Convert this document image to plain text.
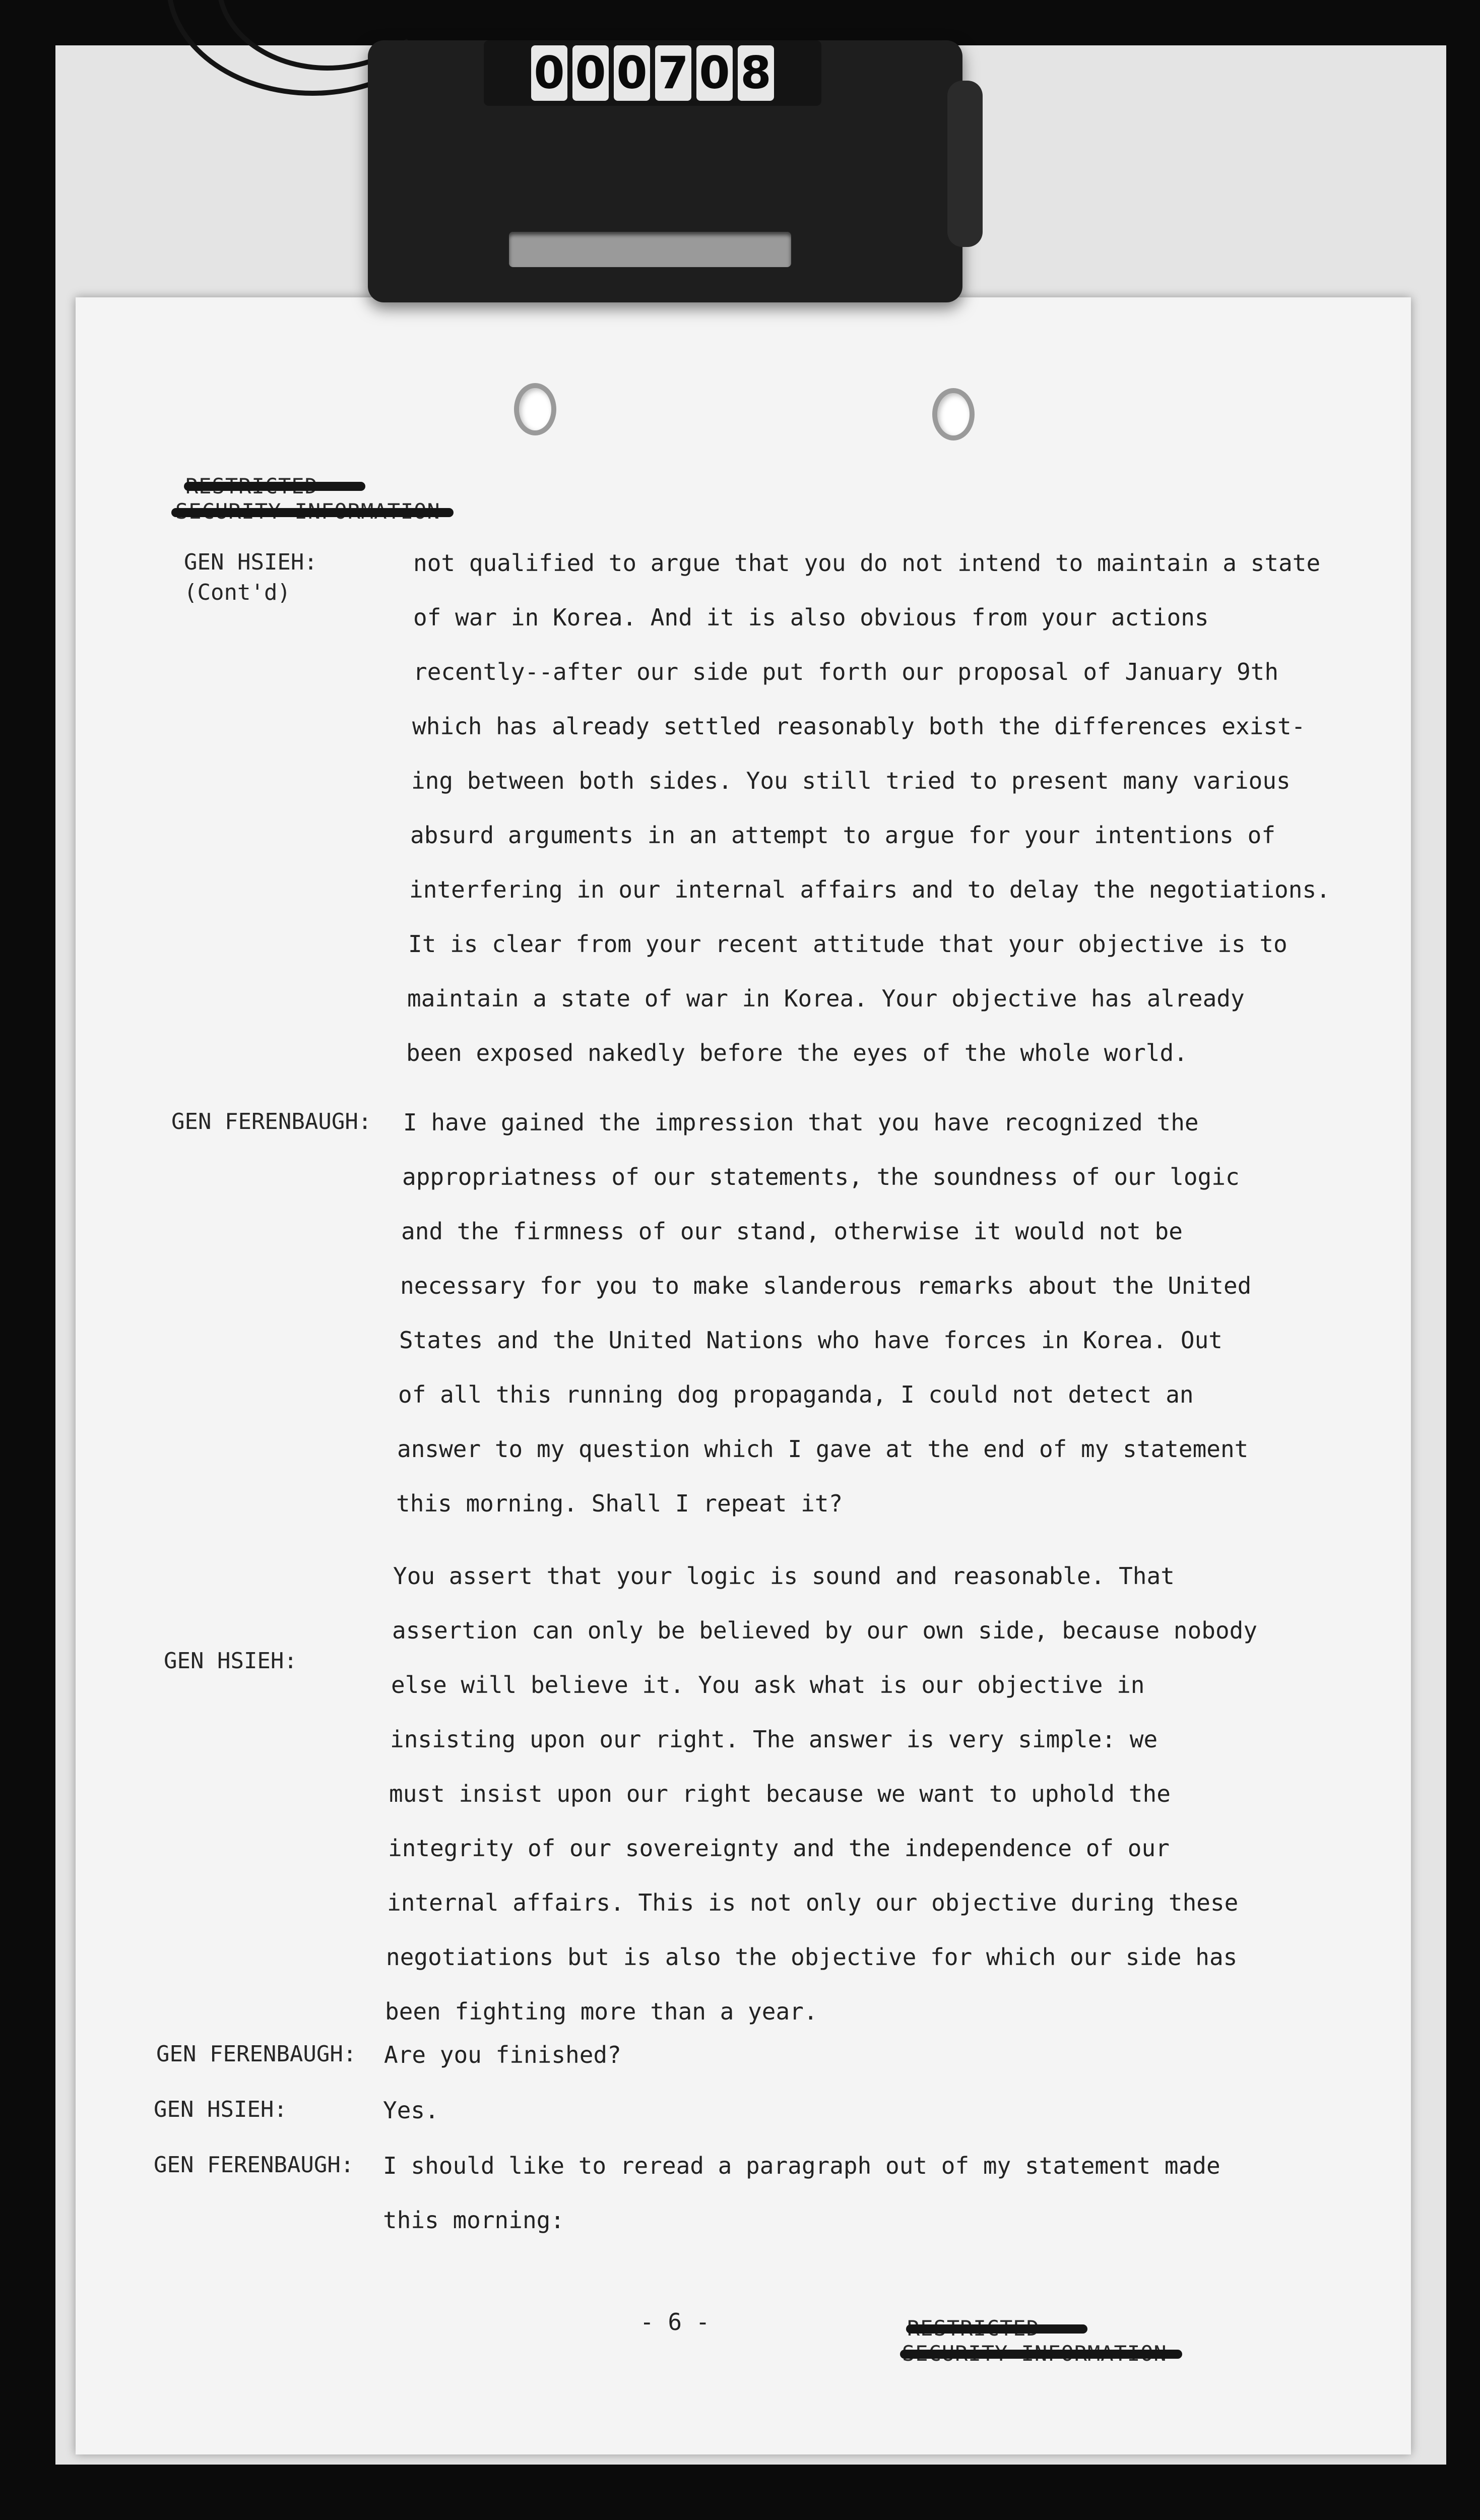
GEN HSIEH:
(Cont'd)
GEN FERENBAUGH:
GEN HSIEH:
GEN FERENBAUGH:
GEN HSIEH:
GEN FERENBAUGH:
not qualified to argue that you do not intend to maintain a state
of war in Korea. And it is also obvious from your actions
recently--after our side put forth our proposal of January 9th
which has already settled reasonably both the differences exist-
ing between both sides. You still tried to present many various
absurd arguments in an attempt to argue for your intentions of
interfering in our internal affairs and to delay the negotiations.
It is clear from your recent attitude that your objective is to
maintain a state of war in Korea. Your objective has already
been exposed nakedly before the eyes of the whole world.
I have gained the impression that you have recognized the
appropriatness of our statements, the soundness of our logic
and the firmness of our stand, otherwise it would not be
necessary for you to make slanderous remarks about the United
States and the United Nations who have forces in Korea. Out
of all this running dog propaganda, I could not detect an
answer to my question which I gave at the end of my statement
this morning. Shall I repeat it?
You assert that your logic is sound and reasonable. That
assertion can only be believed by our own side, because nobody
else will believe it. You ask what is our objective in
insisting upon our right. The answer is very simple: we
must insist upon our right because we want to uphold the
integrity of our sovereignty and the independence of our
internal affairs. This is not only our objective during these
negotiations but is also the objective for which our side has
been fighting more than a year.
Are you finished?
Yes.
I should like to reread a paragraph out of my statement made
this morning:
- 6 -
0 0 0 7 0 8
